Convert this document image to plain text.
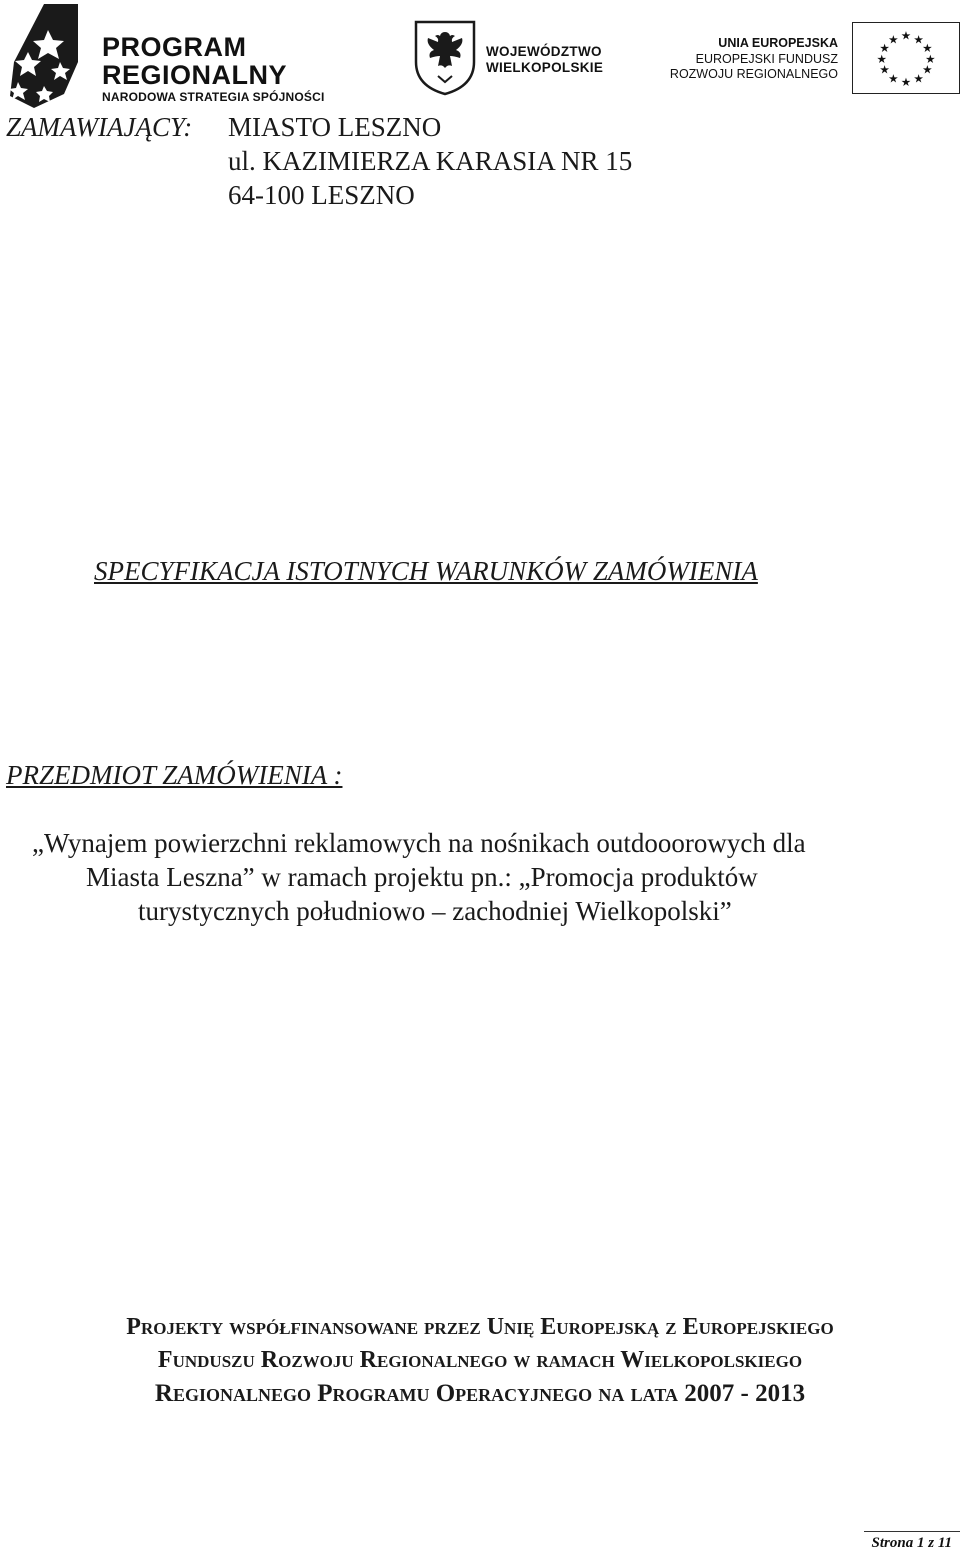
PROGRAM
REGIONALNY
NARODOWA STRATEGIA SPÓJNOŚCI
WOJEWÓDZTWO
WIELKOPOLSKIE
UNIA EUROPEJSKA
EUROPEJSKI FUNDUSZ
ROZWOJU REGIONALNEGO
★ ★
★
★
★
★
★
★
★
★
★
★
ZAMAWIAJĄCY: MIASTO LESZNO
ul. KAZIMIERZA KARASIA NR 15
64-100 LESZNO
SPECYFIKACJA ISTOTNYCH WARUNKÓW ZAMÓWIENIA
PRZEDMIOT ZAMÓWIENIA :
„Wynajem powierzchni reklamowych na nośnikach outdooorowych dla
Miasta Leszna” w ramach projektu pn.: „Promocja produktów
turystycznych południowo – zachodniej Wielkopolski”
Projekty współfinansowane przez Unię Europejską z Europejskiego
Funduszu Rozwoju Regionalnego w ramach Wielkopolskiego
Regionalnego Programu Operacyjnego na lata 2007 - 2013
Strona 1 z 11
